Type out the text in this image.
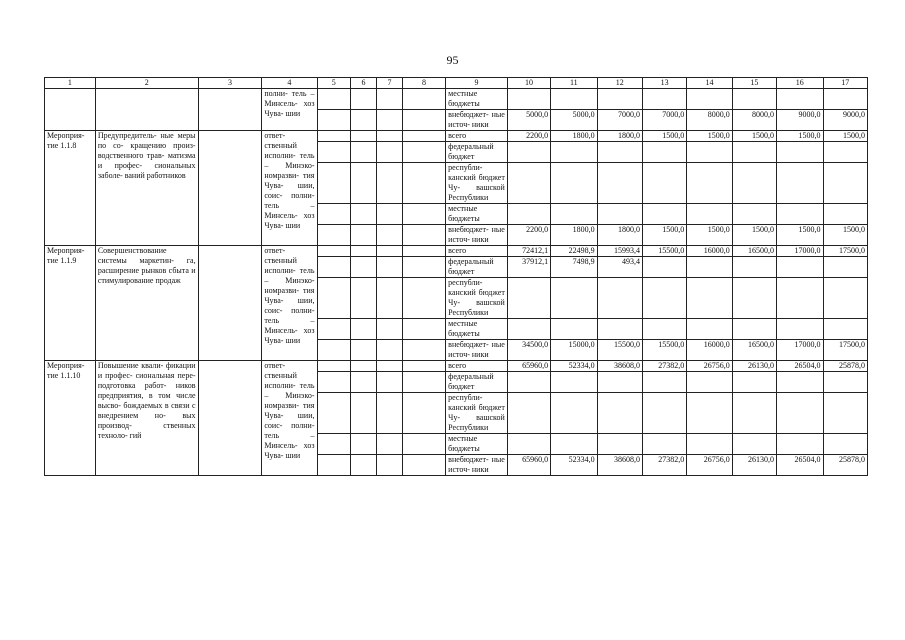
95
1	2	3	4	5	6	7	8	9	10	11	12	13	14	15	16	17
			полни- тель – Минсель- хоз Чува- шии					местные бюджеты								
								внебюджет- ные источ- ники	5000,0	5000,0	7000,0	7000,0	8000,0	8000,0	9000,0	9000,0
Мероприя- тие 1.1.8	Предупредитель- ные меры по со- кращению произ- водственного трав- матизма и профес- сиональных заболе- ваний работников		ответ- ственный исполни- тель – Минэко- номразви- тия Чува- шии, соис- полни- тель – Минсель- хоз Чува- шии					всего	2200,0	1800,0	1800,0	1500,0	1500,0	1500,0	1500,0	1500,0
								федеральный бюджет								
								республи- канский бюджет Чу- вашской Республики								
								местные бюджеты								
								внебюджет- ные источ- ники	2200,0	1800,0	1800,0	1500,0	1500,0	1500,0	1500,0	1500,0
Мероприя- тие 1.1.9	Совершенствование системы маркетин- га, расширение рынков сбыта и стимулирование продаж		ответ- ственный исполни- тель – Минэко- номразви- тия Чува- шии, соис- полни- тель – Минсель- хоз Чува- шии					всего	72412,1	22498,9	15993,4	15500,0	16000,0	16500,0	17000,0	17500,0
								федеральный бюджет	37912,1	7498,9	493,4					
								республи- канский бюджет Чу- вашской Республики								
								местные бюджеты								
								внебюджет- ные источ- ники	34500,0	15000,0	15500,0	15500,0	16000,0	16500,0	17000,0	17500,0
Мероприя- тие 1.1.10	Повышение квали- фикации и профес- сиональная пере- подготовка работ- ников предприятия, в том числе высво- бождаемых в связи с внедрением но- вых производ- ственных техноло- гий		ответ- ственный исполни- тель – Минэко- номразви- тия Чува- шии, соис- полни- тель – Минсель- хоз Чува- шии					всего	65960,0	52334,0	38608,0	27382,0	26756,0	26130,0	26504,0	25878,0
								федеральный бюджет								
								республи- канский бюджет Чу- вашской Республики								
								местные бюджеты								
								внебюджет- ные источ- ники	65960,0	52334,0	38608,0	27382,0	26756,0	26130,0	26504,0	25878,0
